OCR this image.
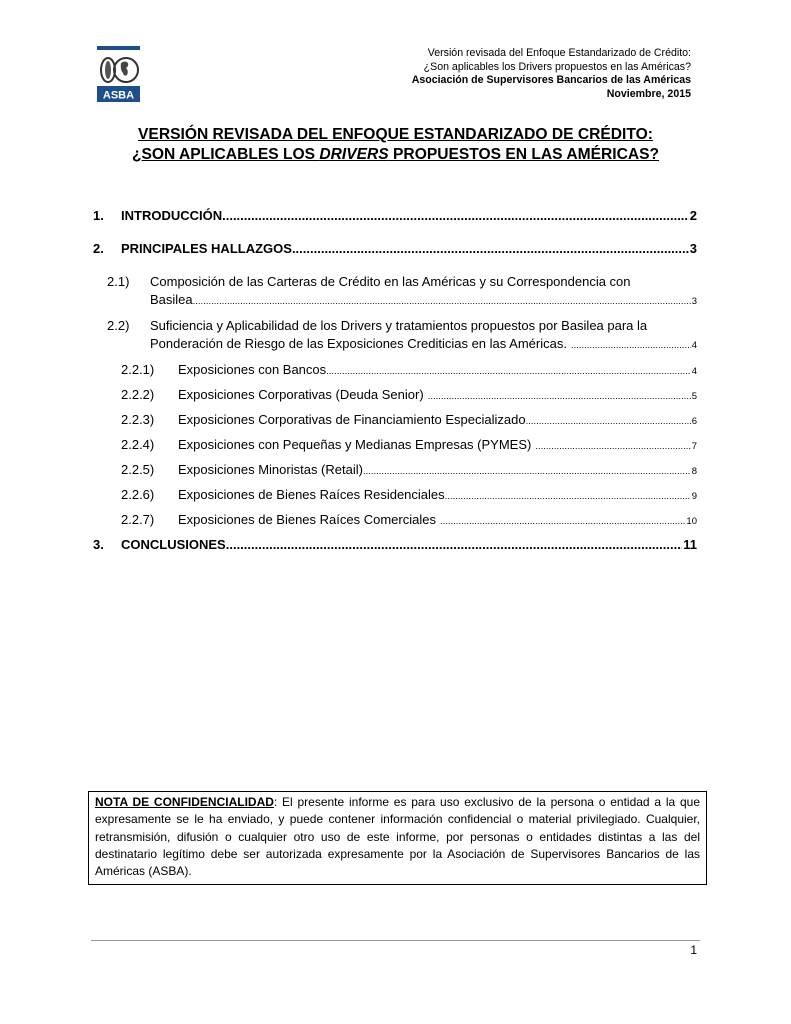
ASBA
Versión revisada del Enfoque Estandarizado de Crédito:
¿Son aplicables los Drivers propuestos en las Américas?
Asociación de Supervisores Bancarios de las Américas
Noviembre, 2015
VERSIÓN REVISADA DEL ENFOQUE ESTANDARIZADO DE CRÉDITO:
¿SON APLICABLES LOS DRIVERS PROPUESTOS EN LAS AMÉRICAS?
1. INTRODUCCIÓN .....	2
2. PRINCIPALES HALLAZGOS .....	3
2.1) Composición de las Carteras de Crédito en las Américas y su Correspondencia con
Basilea .....	3
2.2) Suficiencia y Aplicabilidad de los Drivers y tratamientos propuestos por Basilea para la
Ponderación de Riesgo de las Exposiciones Crediticias en las Américas. .....	4
2.2.1) Exposiciones con Bancos .....	4
2.2.2) Exposiciones Corporativas (Deuda Senior) .....	5
2.2.3) Exposiciones Corporativas de Financiamiento Especializado .....	6
2.2.4) Exposiciones con Pequeñas y Medianas Empresas (PYMES) .....	7
2.2.5) Exposiciones Minoristas (Retail) .....	8
2.2.6) Exposiciones de Bienes Raíces Residenciales .....	9
2.2.7) Exposiciones de Bienes Raíces Comerciales .....	10
3. CONCLUSIONES .....	11
NOTA DE CONFIDENCIALIDAD: El presente informe es para uso exclusivo de la persona o entidad a la que expresamente se le ha enviado, y puede contener información confidencial o material privilegiado. Cualquier, retransmisión, difusión o cualquier otro uso de este informe, por personas o entidades distintas a las del destinatario legítimo debe ser autorizada expresamente por la Asociación de Supervisores Bancarios de las Américas (ASBA).
1
